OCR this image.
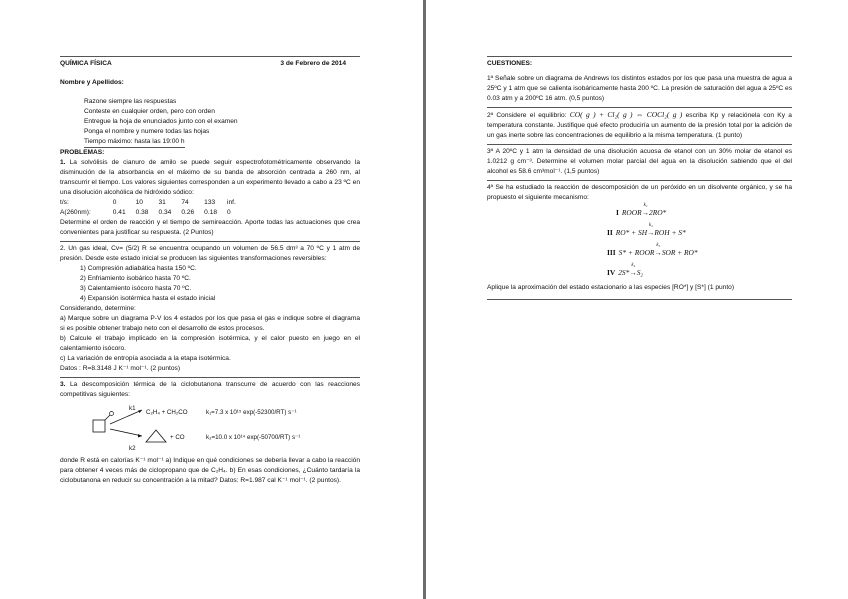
QUÍMICA FÍSICA	3 de Febrero de 2014
Nombre y Apellidos:
Razone siempre las respuestas
Conteste en cualquier orden, pero con orden
Entregue la hoja de enunciados junto con el examen
Ponga el nombre y numere todas las hojas
Tiempo máximo: hasta las 19:00 h
PROBLEMAS:
1. La solvólisis de cianuro de amilo se puede seguir espectrofotométricamente observando la disminución de la absorbancia en el máximo de su banda de absorción centrada a 260 nm, al transcurrir el tiempo. Los valores siguientes corresponden a un experimento llevado a cabo a 23 ºC en una disolución alcohólica de hidróxido sódico:
t/s:	0	10	31	74	133	inf.
A(260nm):	0.41	0.38	0.34	0.26	0.18	0
Determine el orden de reacción y el tiempo de semireacción. Aporte todas las actuaciones que crea convenientes para justificar su respuesta. (2 Puntos)
2. Un gas ideal, Cv= (5/2) R se encuentra ocupando un volumen de 56.5 dm³ a 70 ºC y 1 atm de presión. Desde este estado inicial se producen las siguientes transformaciones reversibles:
1) Compresión adiabática hasta 150 ºC.
2) Enfriamiento isobárico hasta 70 ºC.
3) Calentamiento isócoro hasta 70 ºC.
4) Expansión isotérmica hasta el estado inicial
Considerando, determine:
a) Marque sobre un diagrama P-V los 4 estados por los que pasa el gas e indique sobre el diagrama si es posible obtener trabajo neto con el desarrollo de estos procesos.
b) Calcule el trabajo implicado en la compresión isotérmica, y el calor puesto en juego en el calentamiento isócoro.
c) La variación de entropía asociada a la etapa isotérmica.
Datos : R=8.3148 J K⁻¹ mol⁻¹. (2 puntos)
3. La descomposición térmica de la ciclobutanona transcurre de acuerdo con las reacciones competitivas siguientes:
k1
C₂H₄ + CH₂CO	k₁=7.3 x 10¹⁵ exp(-52300/RT) s⁻¹
+ CO	k₂=10.0 x 10¹⁴ exp(-50700/RT) s⁻¹
k2
donde R está en calorías K⁻¹ mol⁻¹ a) Indique en qué condiciones se debería llevar a cabo la reacción para obtener 4 veces más de ciclopropano que de C₂H₄. b) En esas condiciones, ¿Cuánto tardaría la ciclobutanona en reducir su concentración a la mitad? Datos: R=1.987 cal K⁻¹ mol⁻¹. (2 puntos).
CUESTIONES:
1ª Señale sobre un diagrama de Andrews los distintos estados por los que pasa una muestra de agua a 25ºC y 1 atm que se calienta isobáricamente hasta 200 ºC. La presión de saturación del agua a 25ºC es 0.03 atm y a 200ºC 16 atm. (0,5 puntos)
2ª Considere el equilibrio: CO( g ) + Cl₂( g ) ⇔ COCl₂( g ) escriba Kp y relaciónela con Ky a temperatura constante. Justifique qué efecto produciría un aumento de la presión total por la adición de un gas inerte sobre las concentraciones de equilibrio a la misma temperatura. (1 punto)
3ª A 20ºC y 1 atm la densidad de una disolución acuosa de etanol con un 30% molar de etanol es 1.0212 g cm⁻³. Determine el volumen molar parcial del agua en la disolución sabiendo que el del alcohol es 58.6 cm³mol⁻¹. (1,5 puntos)
4ª Se ha estudiado la reacción de descomposición de un peróxido en un disolvente orgánico, y se ha propuesto el siguiente mecanismo:
I ROOR
k₁
→2RO*
II RO* + SH
k₂
→ROH + S*
III S* + ROOR
k₃
→SOR + RO*
IV 2S*
k₄
→S₂
Aplique la aproximación del estado estacionario a las especies [RO*] y [S*] (1 punto)
